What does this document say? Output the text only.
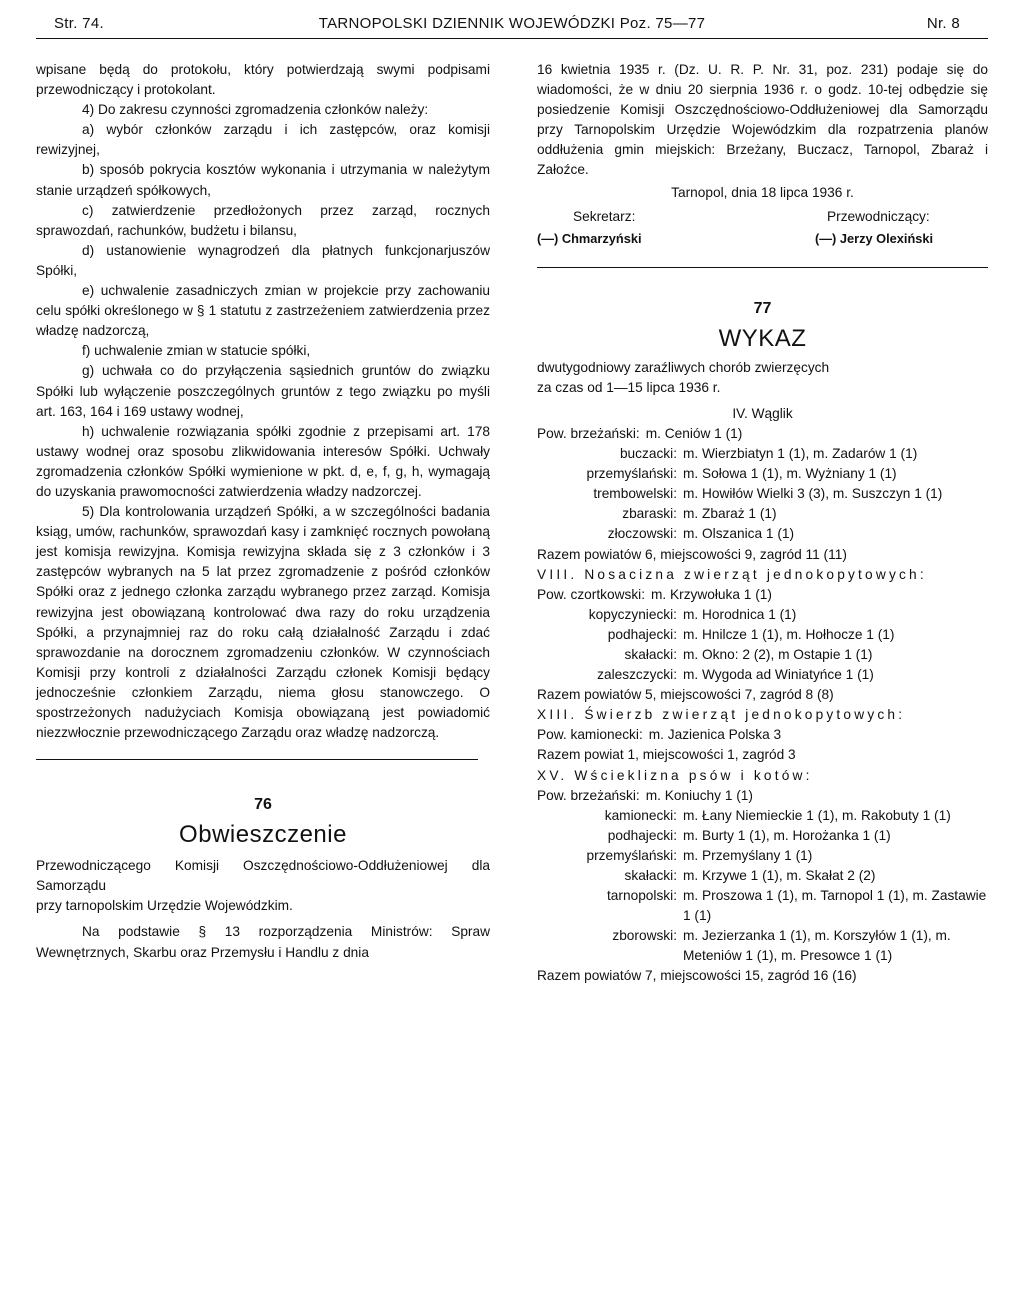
Str. 74.	TARNOPOLSKI DZIENNIK WOJEWÓDZKI Poz. 75—77	Nr. 8

wpisane będą do protokołu, który potwierdzają swymi podpisami przewodniczący i protokolant.

4) Do zakresu czynności zgromadzenia członków należy:

a) wybór członków zarządu i ich zastępców, oraz komisji rewizyjnej,

b) sposób pokrycia kosztów wykonania i utrzymania w należytym stanie urządzeń spółkowych,

c) zatwierdzenie przedłożonych przez zarząd, rocznych sprawozdań, rachunków, budżetu i bilansu,

d) ustanowienie wynagrodzeń dla płatnych funkcjonarjuszów Spółki,

e) uchwalenie zasadniczych zmian w projekcie przy zachowaniu celu spółki określonego w § 1 statutu z zastrzeżeniem zatwierdzenia przez władzę nadzorczą,

f) uchwalenie zmian w statucie spółki,

g) uchwała co do przyłączenia sąsiednich gruntów do związku Spółki lub wyłączenie poszczególnych gruntów z tego związku po myśli art. 163, 164 i 169 ustawy wodnej,

h) uchwalenie rozwiązania spółki zgodnie z przepisami art. 178 ustawy wodnej oraz sposobu zlikwidowania interesów Spółki. Uchwały zgromadzenia członków Spółki wymienione w pkt. d, e, f, g, h, wymagają do uzyskania prawomocności zatwierdzenia władzy nadzorczej.

5) Dla kontrolowania urządzeń Spółki, a w szczególności badania ksiąg, umów, rachunków, sprawozdań kasy i zamknięć rocznych powołaną jest komisja rewizyjna. Komisja rewizyjna składa się z 3 członków i 3 zastępców wybranych na 5 lat przez zgromadzenie z pośród członków Spółki oraz z jednego członka zarządu wybranego przez zarząd. Komisja rewizyjna jest obowiązaną kontrolować dwa razy do roku urządzenia Spółki, a przynajmniej raz do roku całą działalność Zarządu i zdać sprawozdanie na dorocznem zgromadzeniu członków. W czynnościach Komisji przy kontroli z działalności Zarządu członek Komisji będący jednocześnie członkiem Zarządu, niema głosu stanowczego. O spostrzeżonych nadużyciach Komisja obowiązaną jest powiadomić niezzwłocznie przewodniczącego Zarządu oraz władzę nadzorczą.

76
Obwieszczenie

Przewodniczącego Komisji Oszczędnościowo-Oddłużeniowej dla Samorządu

przy tarnopolskim Urzędzie Wojewódzkim.

Na podstawie § 13 rozporządzenia Ministrów: Spraw Wewnętrznych, Skarbu oraz Przemysłu i Handlu z dnia

16 kwietnia 1935 r. (Dz. U. R. P. Nr. 31, poz. 231) podaje się do wiadomości, że w dniu 20 sierpnia 1936 r. o godz. 10-tej odbędzie się posiedzenie Komisji Oszczędnościowo-Oddłużeniowej dla Samorządu przy Tarnopolskim Urzędzie Wojewódzkim dla rozpatrzenia planów oddłużenia gmin miejskich: Brzeżany, Buczacz, Tarnopol, Zbaraż i Załoźce.

Tarnopol, dnia 18 lipca 1936 r.

Sekretarz:	Przewodniczący:
(—) Chmarzyński	(—) Jerzy Olexiński
77
WYKAZ

dwutygodniowy zaraźliwych chorób zwierzęcych

za czas od 1—15 lipca 1936 r.

IV. Wąglik

Pow. brzeżański: m. Ceniów 1 (1)
buczacki: m. Wierzbiatyn 1 (1), m. Zadarów 1 (1)
przemyślański: m. Sołowa 1 (1), m. Wyżniany 1 (1)
trembowelski: m. Howiłów Wielki 3 (3), m. Suszczyn 1 (1)
zbaraski: m. Zbaraż 1 (1)
złoczowski: m. Olszanica 1 (1)

Razem powiatów 6, miejscowości 9, zagród 11 (11)

VIII. Nosacizna zwierząt jednokopytowych:

Pow. czortkowski: m. Krzywołuka 1 (1)
kopyczyniecki: m. Horodnica 1 (1)
podhajecki: m. Hnilcze 1 (1), m. Hołhocze 1 (1)
skałacki: m. Okno: 2 (2), m Ostapie 1 (1)
zaleszczycki: m. Wygoda ad Winiatyńce 1 (1)

Razem powiatów 5, miejscowości 7, zagród 8 (8)

XIII. Świerzb zwierząt jednokopytowych:

Pow. kamionecki: m. Jazienica Polska 3

Razem powiat 1, miejscowości 1, zagród 3

XV. Wścieklizna psów i kotów:

Pow. brzeżański: m. Koniuchy 1 (1)
kamionecki: m. Łany Niemieckie 1 (1), m. Rakobuty 1 (1)
podhajecki: m. Burty 1 (1), m. Horożanka 1 (1)
przemyślański: m. Przemyślany 1 (1)
skałacki: m. Krzywe 1 (1), m. Skałat 2 (2)
tarnopolski: m. Proszowa 1 (1), m. Tarnopol 1 (1), m. Zastawie 1 (1)
zborowski: m. Jezierzanka 1 (1), m. Korszyłów 1 (1), m. Meteniów 1 (1), m. Presowce 1 (1)

Razem powiatów 7, miejscowości 15, zagród 16 (16)
